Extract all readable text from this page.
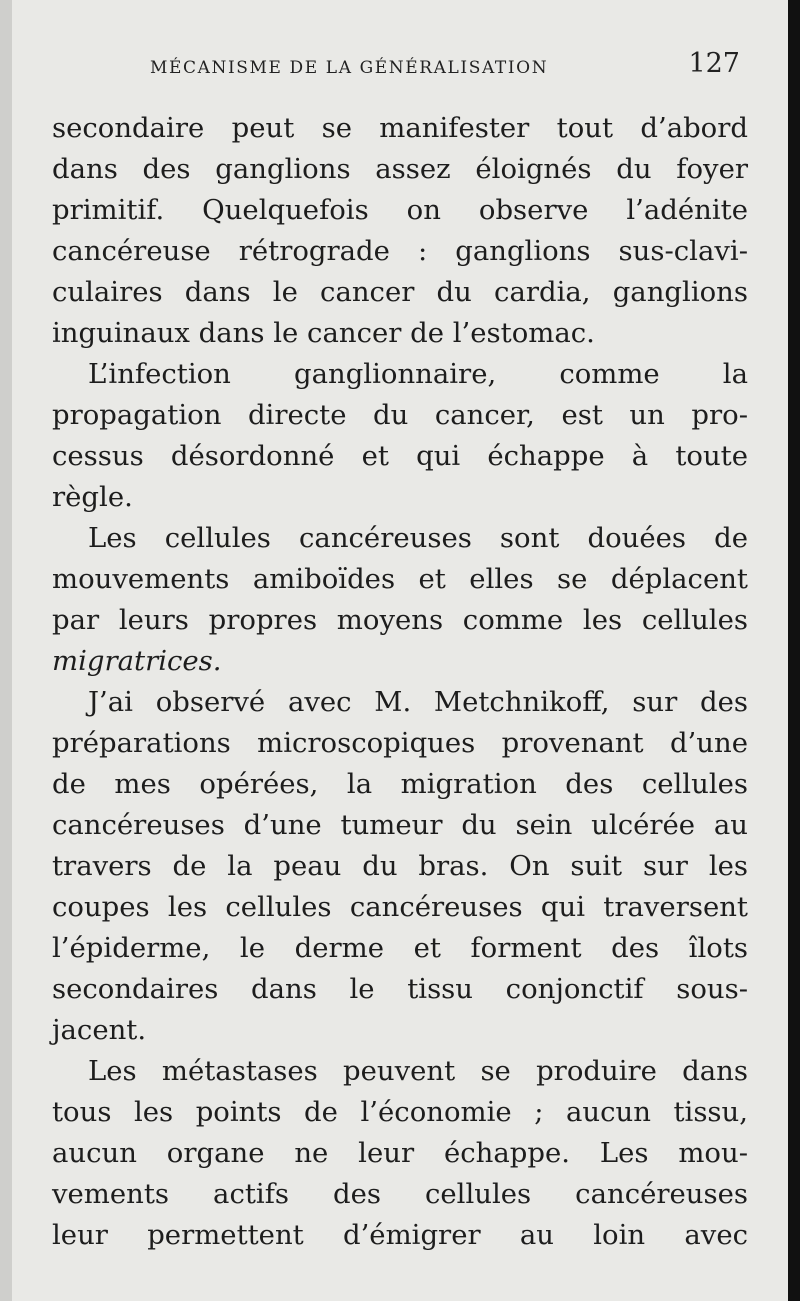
MÉCANISME DE LA GÉNÉRALISATION	127
secondaire peut se manifester tout d’abord
dans des ganglions assez éloignés du foyer
primitif. Quelquefois on observe l’adénite
cancéreuse rétrograde : ganglions sus-clavi-
culaires dans le cancer du cardia, ganglions
inguinaux dans le cancer de l’estomac.
L’infection ganglionnaire, comme la
propagation directe du cancer, est un pro-
cessus désordonné et qui échappe à toute
règle.
Les cellules cancéreuses sont douées de
mouvements amiboïdes et elles se déplacent
par leurs propres moyens comme les cellules
migratrices.
J’ai observé avec M. Metchnikoff, sur des
préparations microscopiques provenant d’une
de mes opérées, la migration des cellules
cancéreuses d’une tumeur du sein ulcérée au
travers de la peau du bras. On suit sur les
coupes les cellules cancéreuses qui traversent
l’épiderme, le derme et forment des îlots
secondaires dans le tissu conjonctif sous-
jacent.
Les métastases peuvent se produire dans
tous les points de l’économie ; aucun tissu,
aucun organe ne leur échappe. Les mou-
vements actifs des cellules cancéreuses
leur permettent d’émigrer au loin avec
